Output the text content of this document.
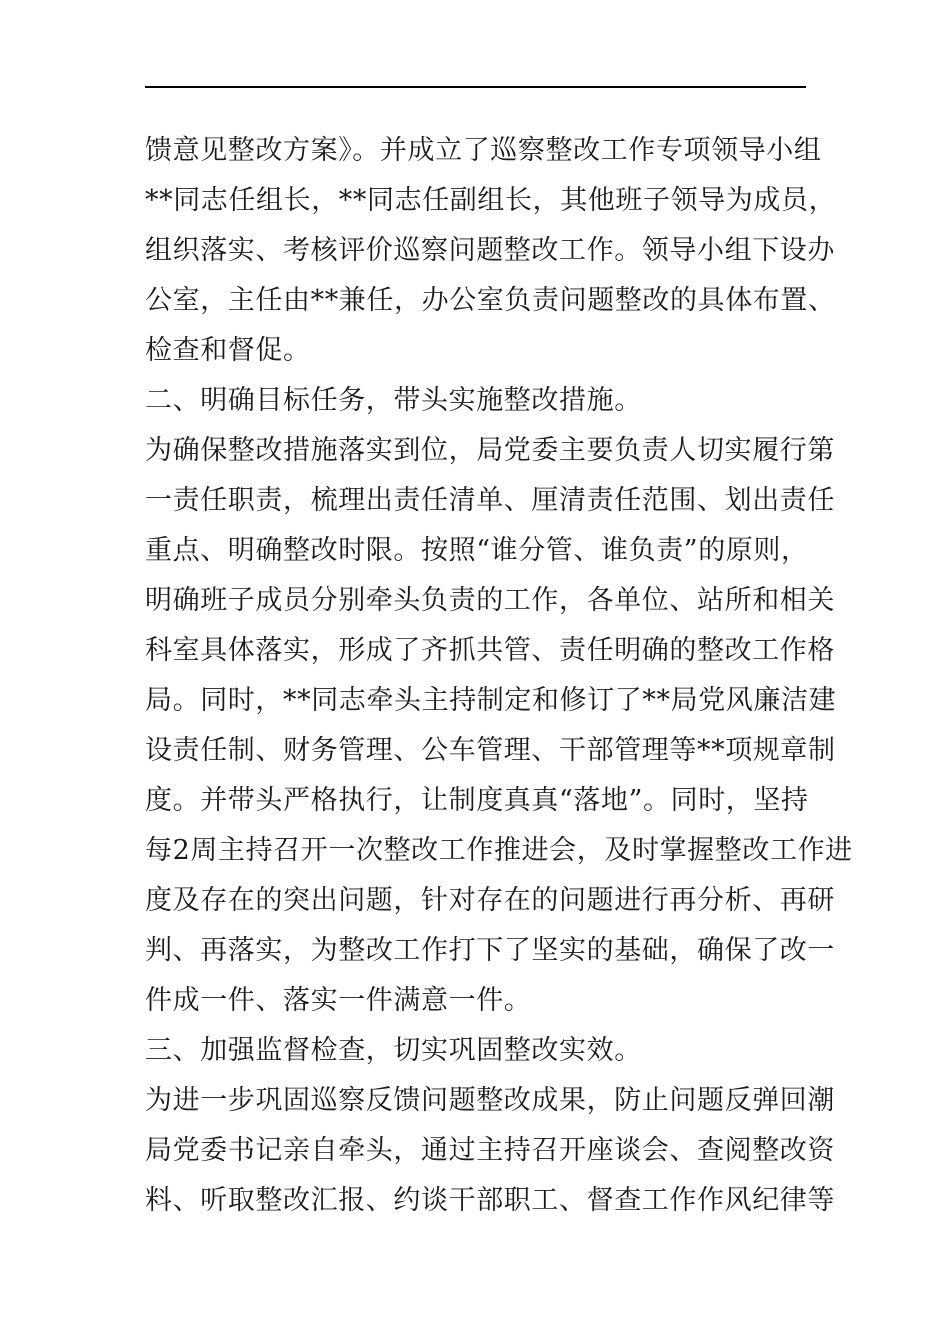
馈意见整改方案》。并成立了巡察整改工作专项领导小组
**同志任组长，**同志任副组长，其他班子领导为成员，
组织落实、考核评价巡察问题整改工作。领导小组下设办
公室，主任由**兼任，办公室负责问题整改的具体布置、
检查和督促。
二、明确目标任务，带头实施整改措施。
为确保整改措施落实到位，局党委主要负责人切实履行第
一责任职责，梳理出责任清单、厘清责任范围、划出责任
重点、明确整改时限。按照“谁分管、谁负责”的原则，
明确班子成员分别牵头负责的工作，各单位、站所和相关
科室具体落实，形成了齐抓共管、责任明确的整改工作格
局。同时，**同志牵头主持制定和修订了**局党风廉洁建
设责任制、财务管理、公车管理、干部管理等**项规章制
度。并带头严格执行，让制度真真“落地”。同时，坚持
每2周主持召开一次整改工作推进会，及时掌握整改工作进
度及存在的突出问题，针对存在的问题进行再分析、再研
判、再落实，为整改工作打下了坚实的基础，确保了改一
件成一件、落实一件满意一件。
三、加强监督检查，切实巩固整改实效。
为进一步巩固巡察反馈问题整改成果，防止问题反弹回潮
局党委书记亲自牵头，通过主持召开座谈会、查阅整改资
料、听取整改汇报、约谈干部职工、督查工作作风纪律等
